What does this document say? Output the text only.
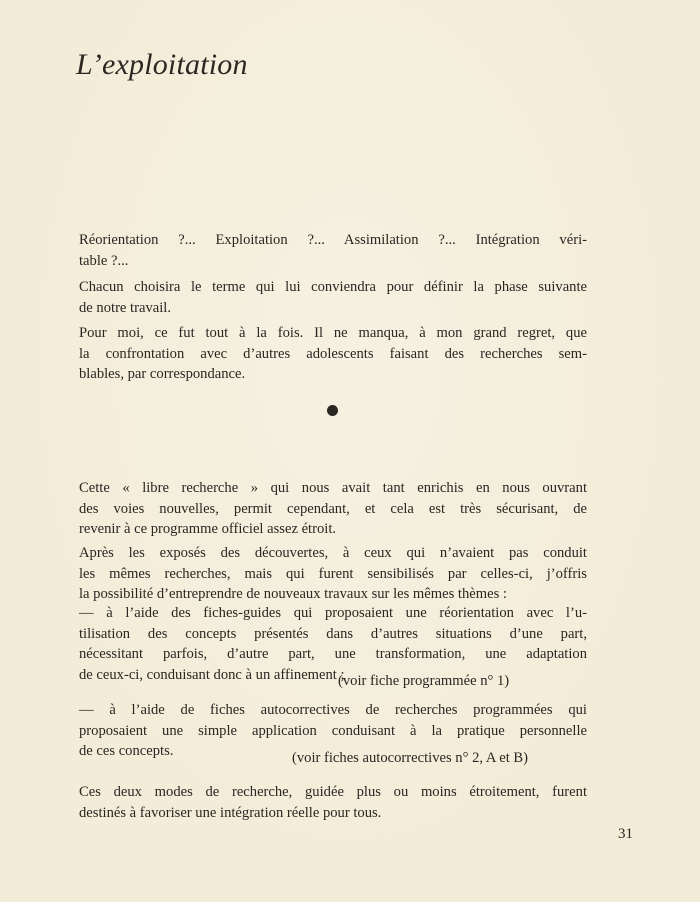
L’exploitation

Réorientation ?... Exploitation ?... Assimilation ?... Intégration véri-
table ?...

Chacun choisira le terme qui lui conviendra pour définir la phase suivante
de notre travail.

Pour moi, ce fut tout à la fois. Il ne manqua, à mon grand regret, que
la confrontation avec d’autres adolescents faisant des recherches sem-
blables, par correspondance.

Cette « libre recherche » qui nous avait tant enrichis en nous ouvrant
des voies nouvelles, permit cependant, et cela est très sécurisant, de
revenir à ce programme officiel assez étroit.

Après les exposés des découvertes, à ceux qui n’avaient pas conduit
les mêmes recherches, mais qui furent sensibilisés par celles-ci, j’offris
la possibilité d’entreprendre de nouveaux travaux sur les mêmes thèmes :

— à l’aide des fiches-guides qui proposaient une réorientation avec l’u-
tilisation des concepts présentés dans d’autres situations d’une part,
nécessitant parfois, d’autre part, une transformation, une adaptation
de ceux-ci, conduisant donc à un affinement ;

(voir fiche programmée n° 1)

— à l’aide de fiches autocorrectives de recherches programmées qui
proposaient une simple application conduisant à la pratique personnelle
de ces concepts.	(voir fiches autocorrectives n° 2, A et B)

Ces deux modes de recherche, guidée plus ou moins étroitement, furent
destinés à favoriser une intégration réelle pour tous.

31
